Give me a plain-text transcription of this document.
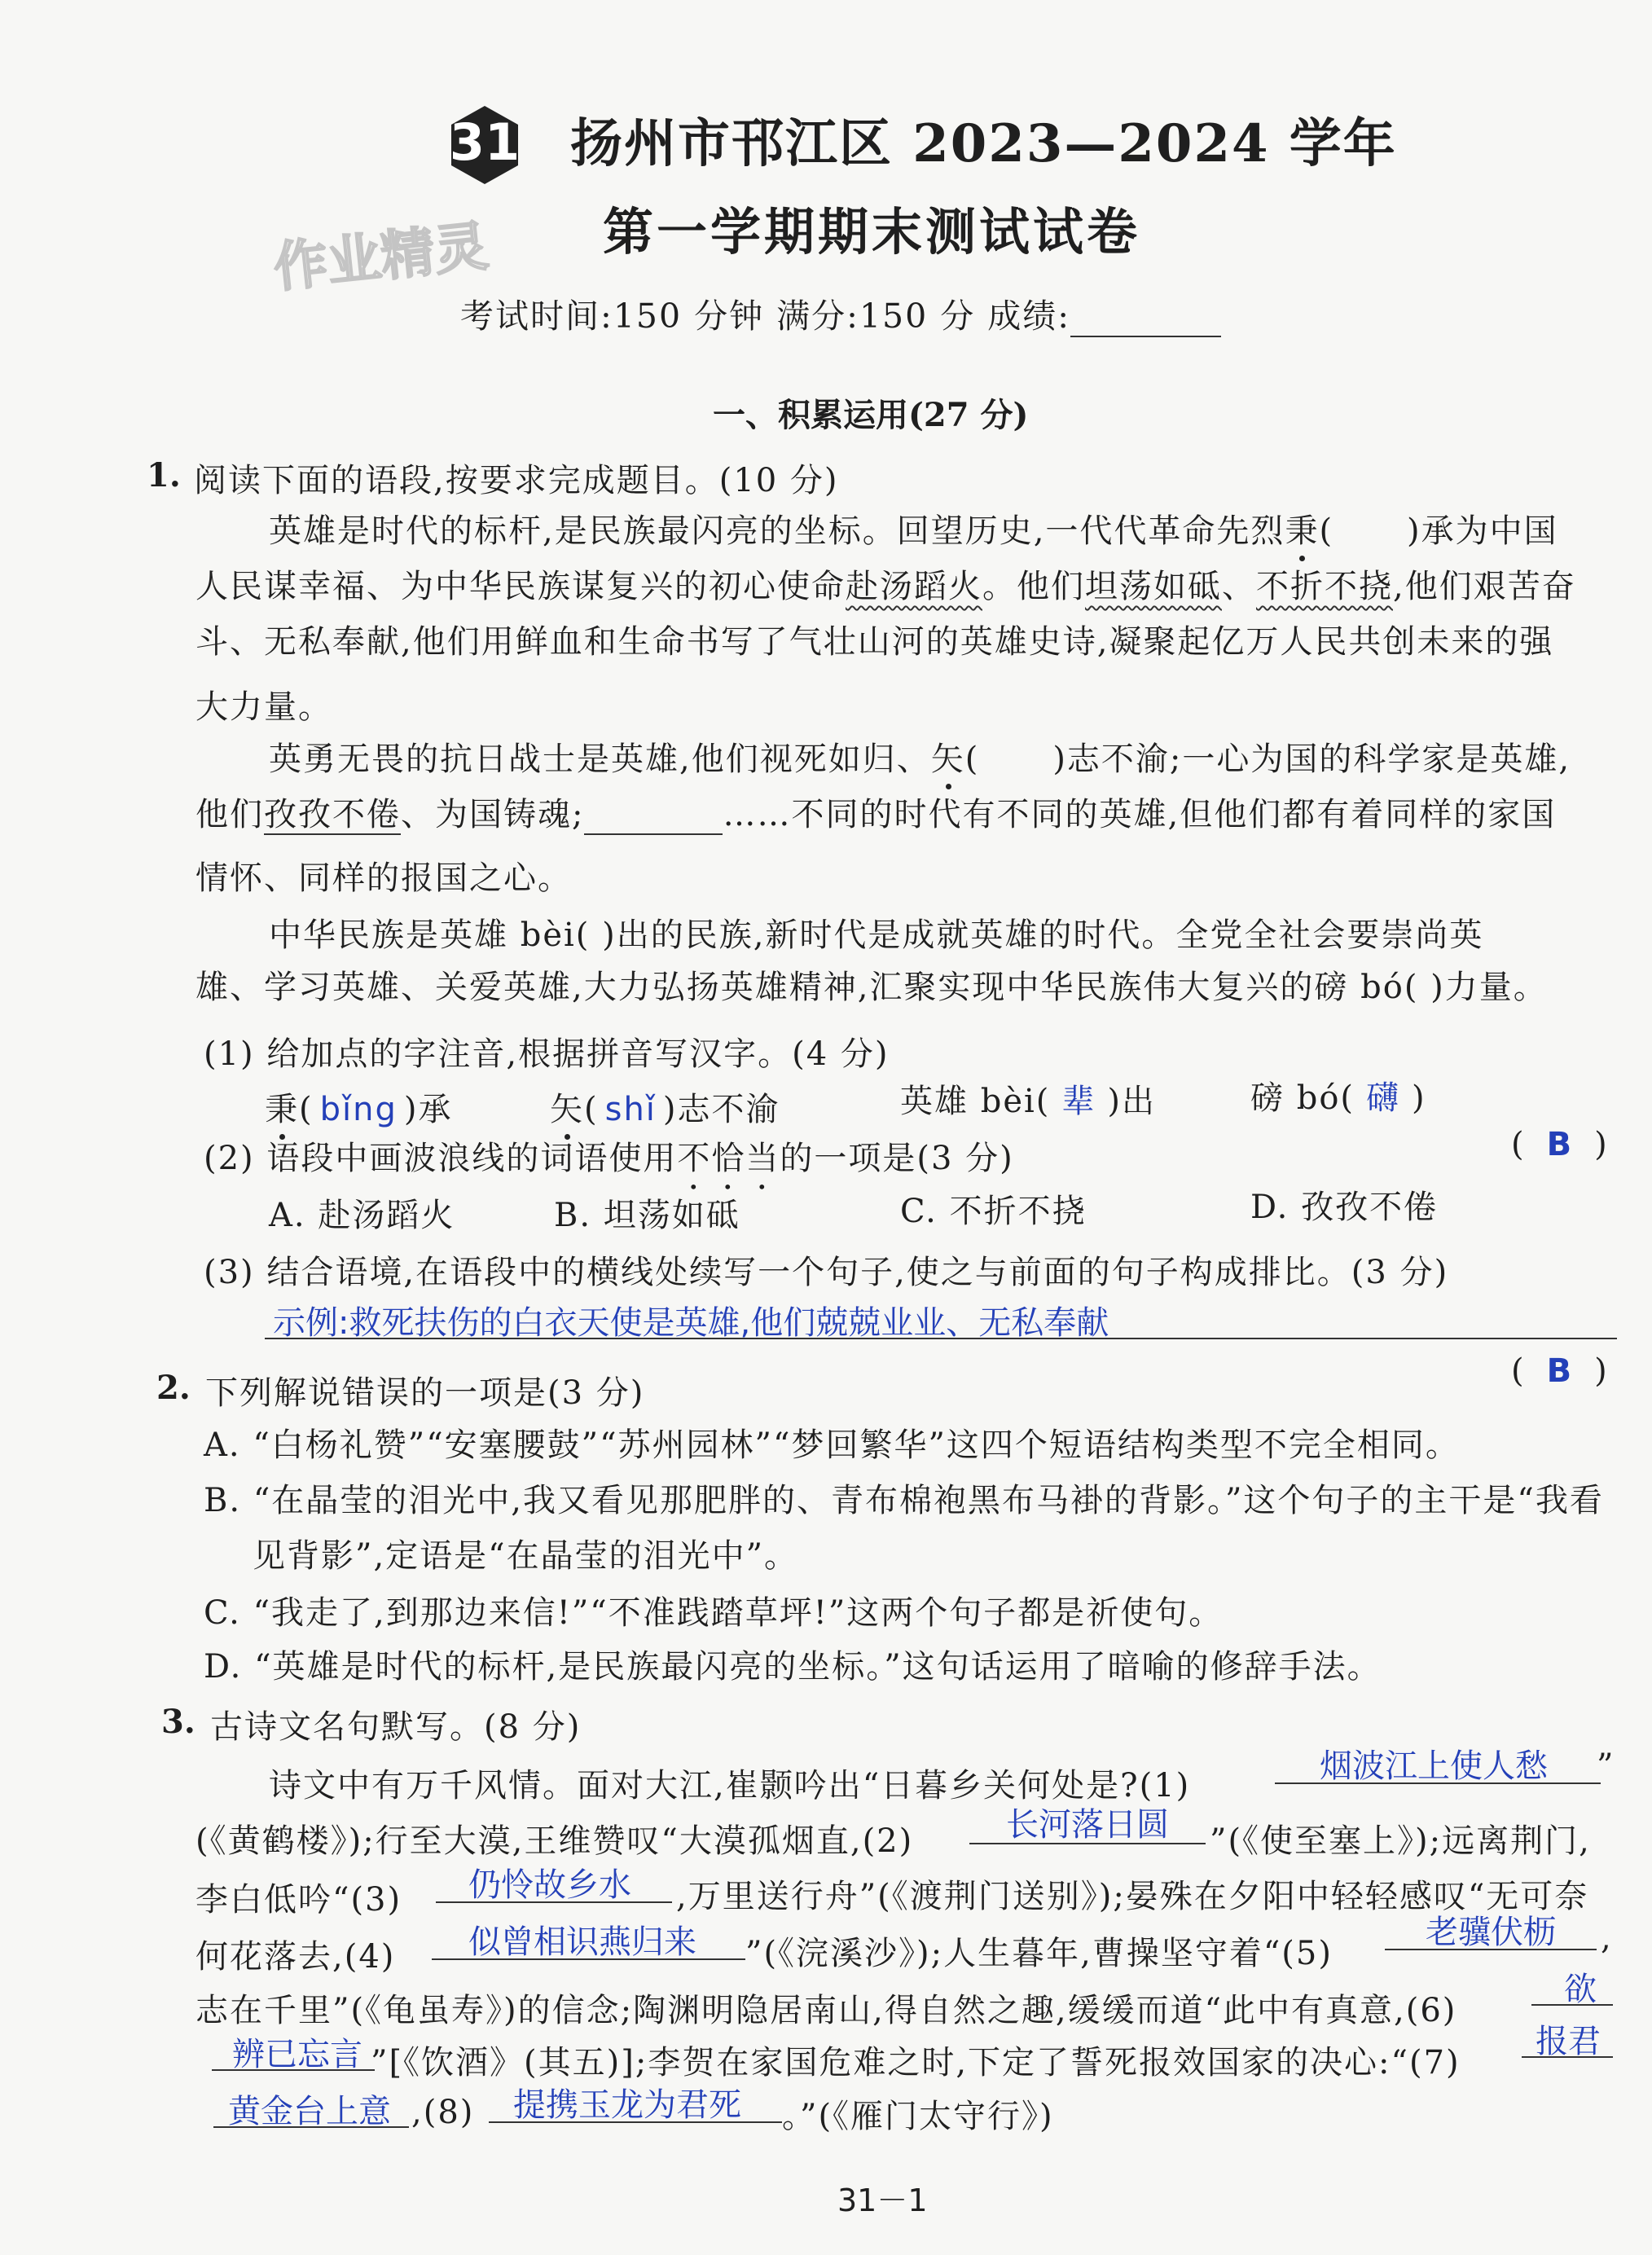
31 扬州市邗江区 2023—2024 学年
第一学期期末测试试卷
作业精灵
考试时间:150 分钟 满分:150 分 成绩:
一、积累运用(27 分)
1. 阅读下面的语段,按要求完成题目。(10 分)
英雄是时代的标杆,是民族最闪亮的坐标。回望历史,一代代革命先烈秉( )承为中国
人民谋幸福、为中华民族谋复兴的初心使命赴汤蹈火。他们坦荡如砥、不折不挠,他们艰苦奋
斗、无私奉献,他们用鲜血和生命书写了气壮山河的英雄史诗,凝聚起亿万人民共创未来的强
大力量。
英勇无畏的抗日战士是英雄,他们视死如归、矢( )志不渝;一心为国的科学家是英雄,
他们孜孜不倦、为国铸魂;	……不同的时代有不同的英雄,但他们都有着同样的家国
情怀、同样的报国之心。
中华民族是英雄 bèi( )出的民族,新时代是成就英雄的时代。全党全社会要崇尚英
雄、学习英雄、关爱英雄,大力弘扬英雄精神,汇聚实现中华民族伟大复兴的磅 bó( )力量。
(1) 给加点的字注音,根据拼音写汉字。(4 分)
秉( bǐng )承	矢( shǐ )志不渝	英雄 bèi( 辈 )出	磅 bó( 礴 )
(2) 语段中画波浪线的词语使用不恰当的一项是(3 分)	( B )
A. 赴汤蹈火	B. 坦荡如砥	C. 不折不挠	D. 孜孜不倦
(3) 结合语境,在语段中的横线处续写一个句子,使之与前面的句子构成排比。(3 分)
示例:救死扶伤的白衣天使是英雄,他们兢兢业业、无私奉献
2. 下列解说错误的一项是(3 分)
( B )
A. “白杨礼赞”“安塞腰鼓”“苏州园林”“梦回繁华”这四个短语结构类型不完全相同。
B. “在晶莹的泪光中,我又看见那肥胖的、青布棉袍黑布马褂的背影。”这个句子的主干是“我看
见背影”,定语是“在晶莹的泪光中”。
C. “我走了,到那边来信!”“不准践踏草坪!”这两个句子都是祈使句。
D. “英雄是时代的标杆,是民族最闪亮的坐标。”这句话运用了暗喻的修辞手法。
3. 古诗文名句默写。(8 分)
诗文中有万千风情。面对大江,崔颢吟出“日暮乡关何处是?(1)
烟波江上使人愁 ”
(《黄鹤楼》);行至大漠,王维赞叹“大漠孤烟直,(2)	长河落日圆 ”(《使至塞上》);远离荆门,
李白低吟“(3) 仍怜故乡水 ,万里送行舟”(《渡荆门送别》);晏殊在夕阳中轻轻感叹“无可奈
何花落去,(4) 似曾相识燕归来 ”(《浣溪沙》);人生暮年,曹操坚守着“(5)
老骥伏枥 ,
志在千里”(《龟虽寿》)的信念;陶渊明隐居南山,得自然之趣,缓缓而道“此中有真意,(6)
欲
辨已忘言 ”[《饮酒》(其五)];李贺在家国危难之时,下定了誓死报效国家的决心:“(7)
报君
黄金台上意 ,(8) 提携玉龙为君死 。”(《雁门太守行》)
31－1
